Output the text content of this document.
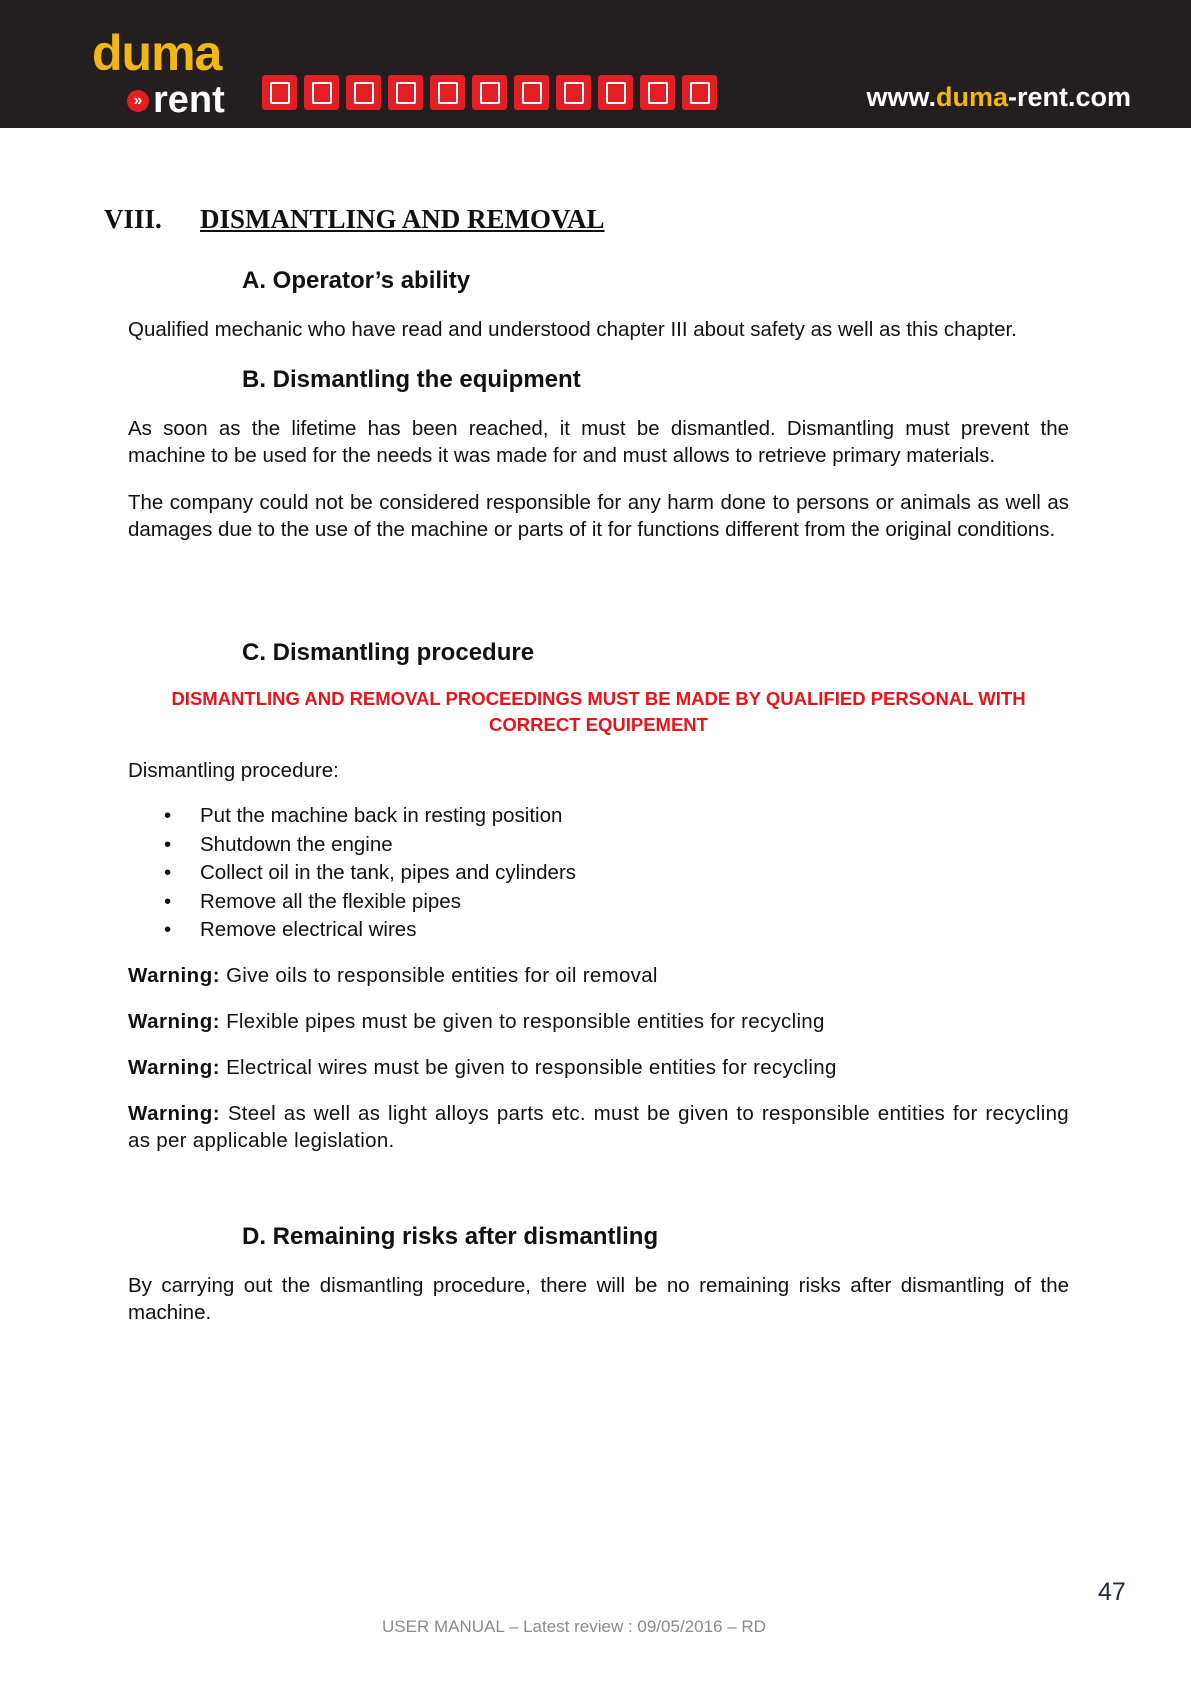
duma
» rent	www.duma-rent.com
VIII. DISMANTLING AND REMOVAL
A. Operator’s ability
Qualified mechanic who have read and understood chapter III about safety as well as this chapter.
B. Dismantling the equipment
As soon as the lifetime has been reached, it must be dismantled. Dismantling must prevent the machine to be used for the needs it was made for and must allows to retrieve primary materials.
The company could not be considered responsible for any harm done to persons or animals as well as damages due to the use of the machine or parts of it for functions different from the original conditions.
C. Dismantling procedure
DISMANTLING AND REMOVAL PROCEEDINGS MUST BE MADE BY QUALIFIED PERSONAL WITH CORRECT EQUIPEMENT
Dismantling procedure:
• Put the machine back in resting position
• Shutdown the engine
• Collect oil in the tank, pipes and cylinders
• Remove all the flexible pipes
• Remove electrical wires
Warning: Give oils to responsible entities for oil removal
Warning: Flexible pipes must be given to responsible entities for recycling
Warning: Electrical wires must be given to responsible entities for recycling
Warning: Steel as well as light alloys parts etc. must be given to responsible entities for recycling as per applicable legislation.
D. Remaining risks after dismantling
By carrying out the dismantling procedure, there will be no remaining risks after dismantling of the machine.
47
USER MANUAL – Latest review : 09/05/2016 – RD
